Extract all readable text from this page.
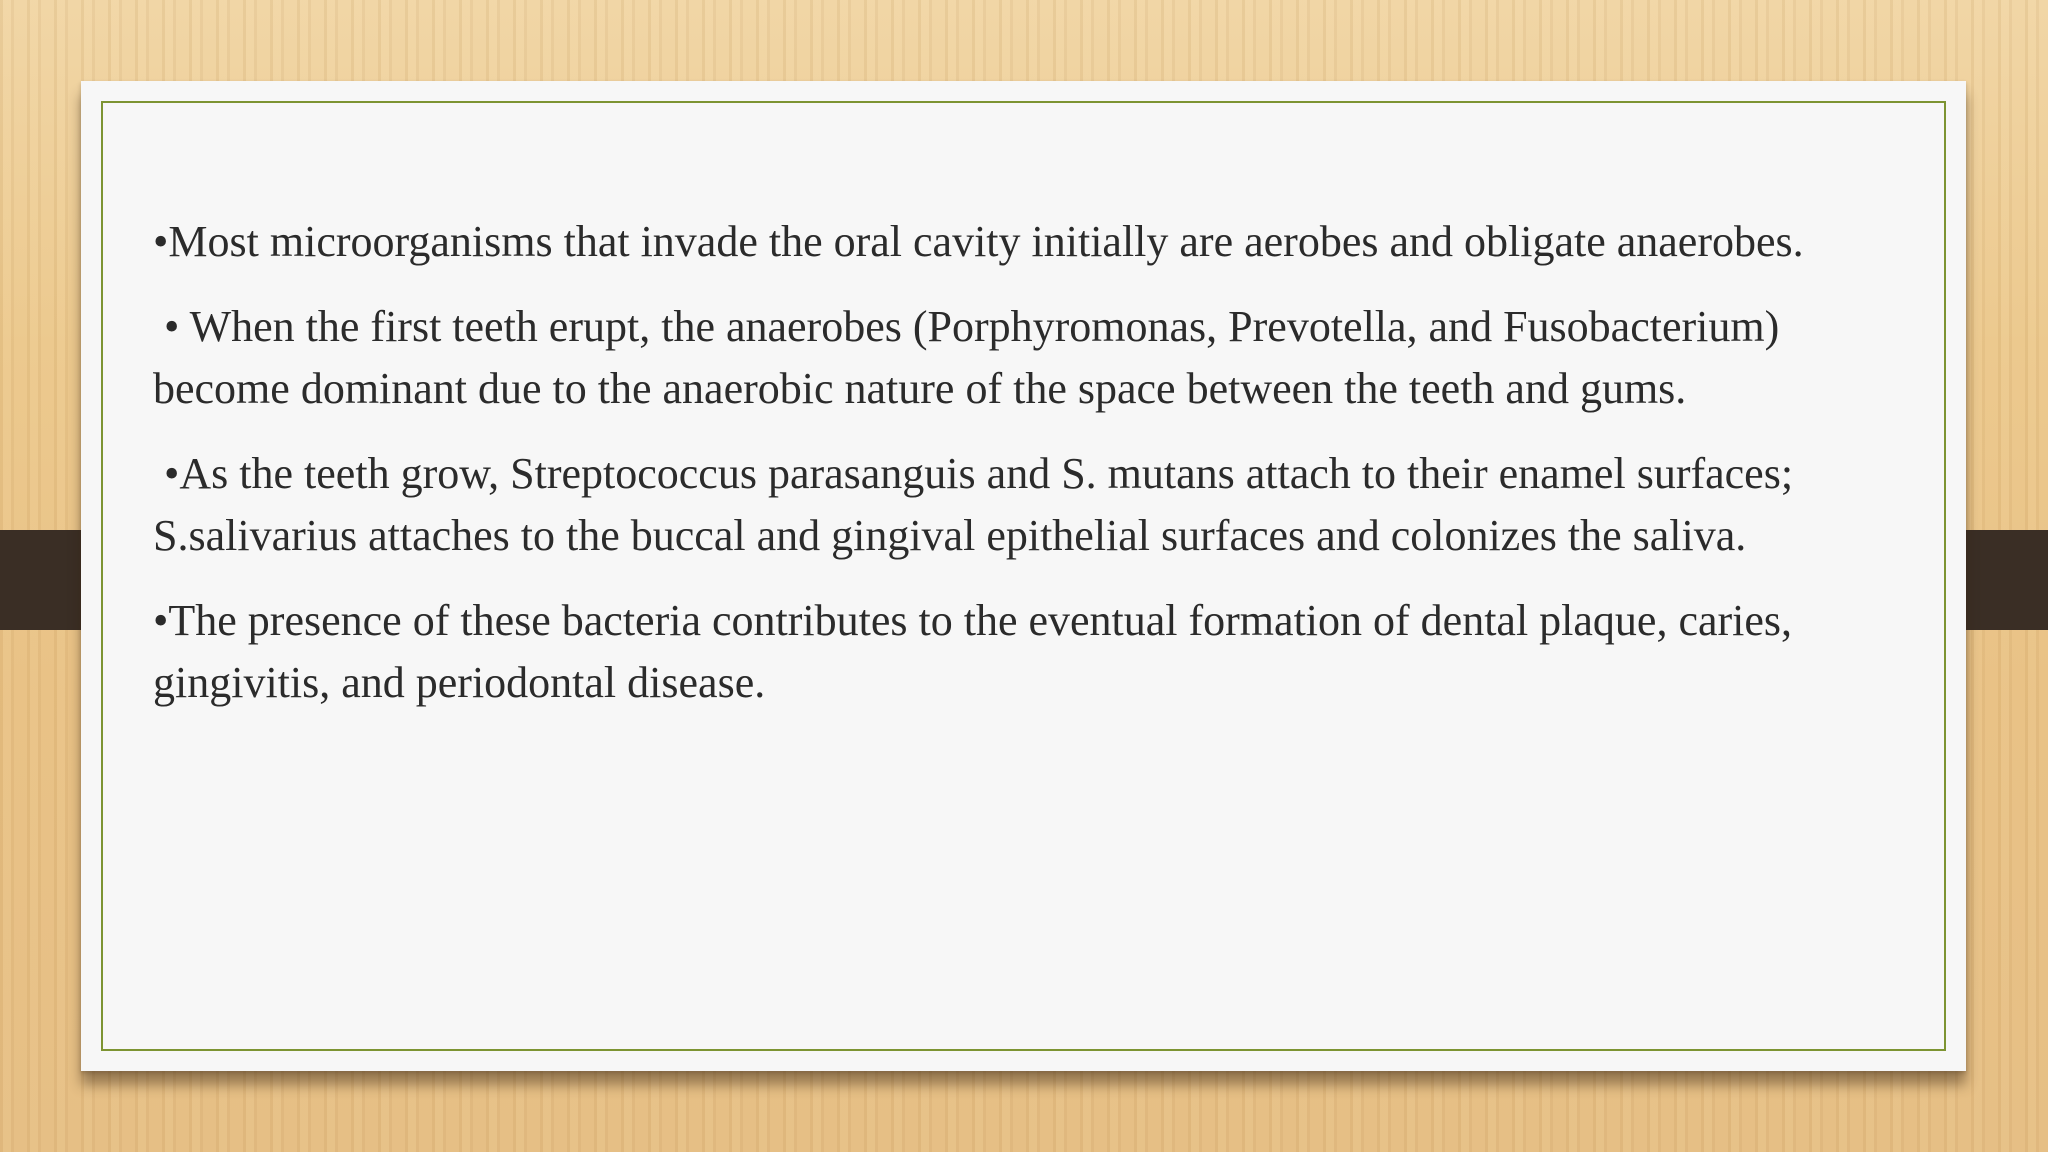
•Most microorganisms that invade the oral cavity initially are aerobes and obligate anaerobes.

• When the first teeth erupt, the anaerobes (Porphyromonas, Prevotella, and Fusobacterium) become dominant due to the anaerobic nature of the space between the teeth and gums.

•As the teeth grow, Streptococcus parasanguis and S. mutans attach to their enamel surfaces; S.salivarius attaches to the buccal and gingival epithelial surfaces and colonizes the saliva.

•The presence of these bacteria contributes to the eventual formation of dental plaque, caries, gingivitis, and periodontal disease.
